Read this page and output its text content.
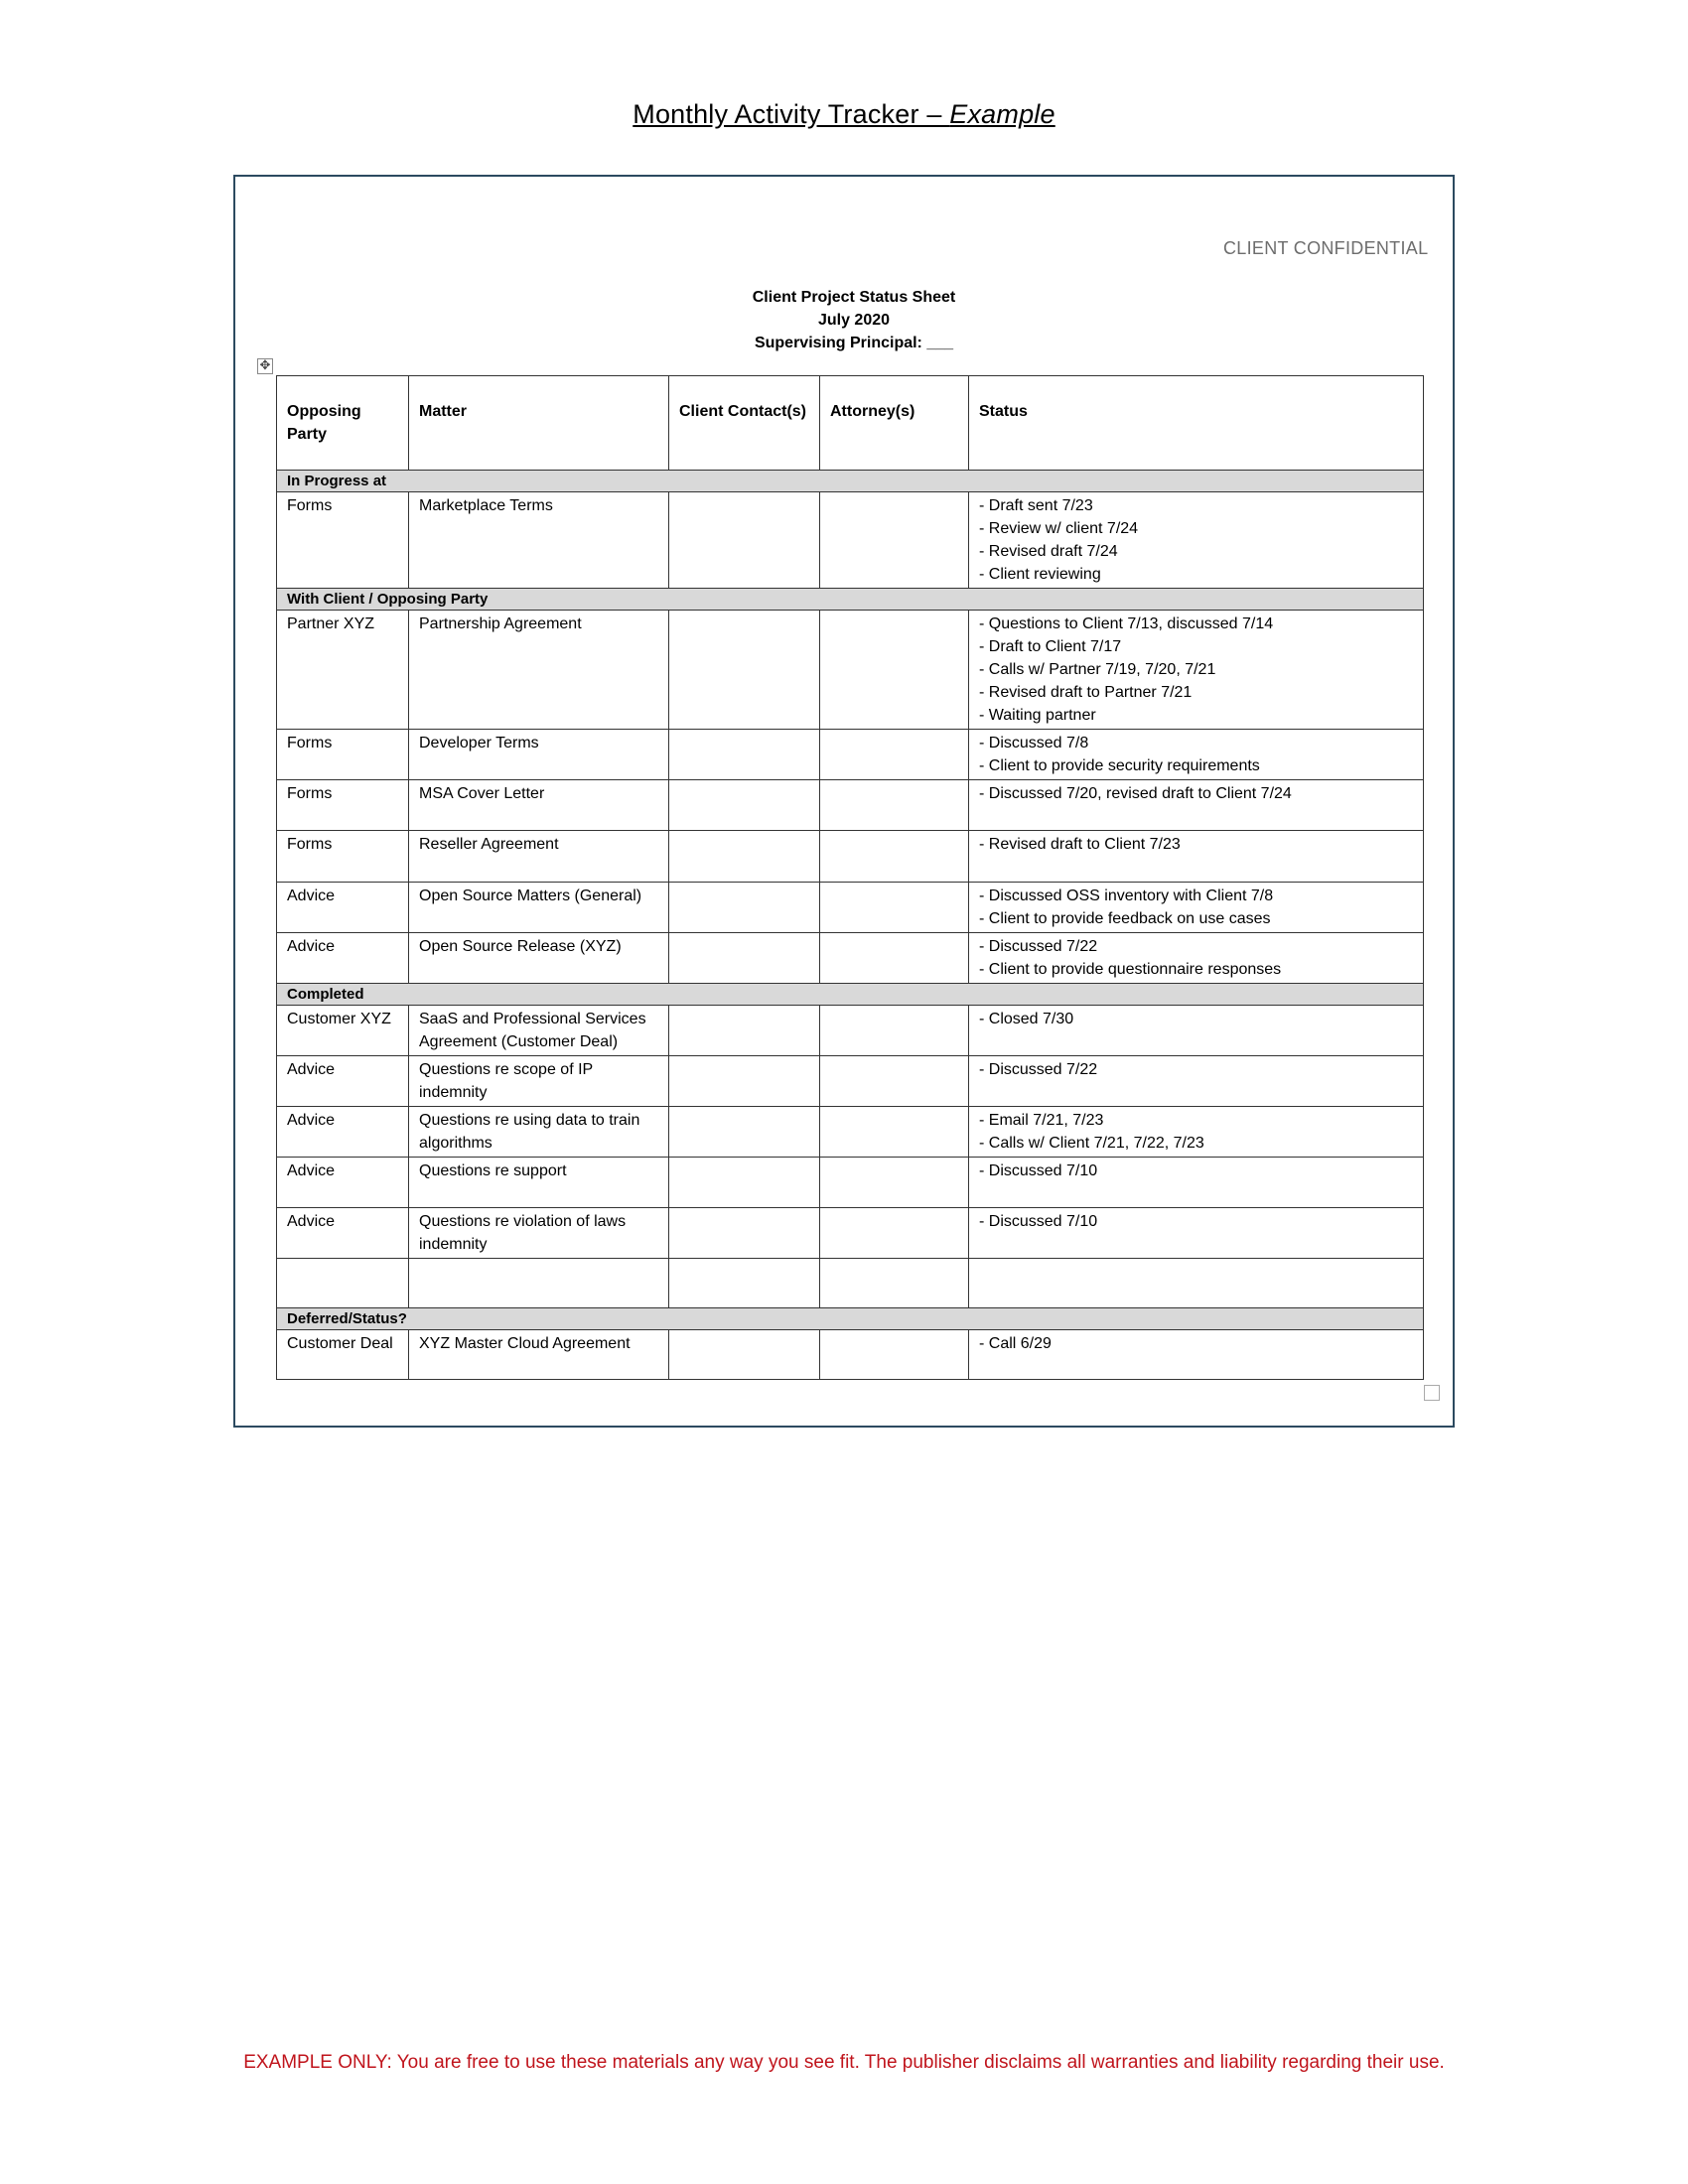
Monthly Activity Tracker – Example
CLIENT CONFIDENTIAL
Client Project Status Sheet
July 2020
Supervising Principal: ___
✥
Opposing Party	Matter	Client Contact(s)	Attorney(s)	Status
In Progress at				
Forms	Marketplace Terms			- Draft sent 7/23
- Review w/ client 7/24
- Revised draft 7/24
- Client reviewing

With Client / Opposing Party				
Partner XYZ	Partnership Agreement			- Questions to Client 7/13, discussed 7/14
- Draft to Client 7/17
- Calls w/ Partner 7/19, 7/20, 7/21
- Revised draft to Partner 7/21
- Waiting partner

Forms	Developer Terms			- Discussed 7/8
- Client to provide security requirements

Forms	MSA Cover Letter			- Discussed 7/20, revised draft to Client 7/24

Forms	Reseller Agreement			- Revised draft to Client 7/23

Advice	Open Source Matters (General)			- Discussed OSS inventory with Client 7/8
- Client to provide feedback on use cases

Advice	Open Source Release (XYZ)			- Discussed 7/22
- Client to provide questionnaire responses

Completed				
Customer XYZ	SaaS and Professional Services Agreement (Customer Deal)			- Closed 7/30

Advice	Questions re scope of IP indemnity			- Discussed 7/22

Advice	Questions re using data to train algorithms			- Email 7/21, 7/23
- Calls w/ Client 7/21, 7/22, 7/23

Advice	Questions re support			- Discussed 7/10

Advice	Questions re violation of laws indemnity			- Discussed 7/10

Deferred/Status?				
Customer Deal	XYZ Master Cloud Agreement			- Call 6/29
EXAMPLE ONLY: You are free to use these materials any way you see fit. The publisher disclaims all warranties and liability regarding their use.
